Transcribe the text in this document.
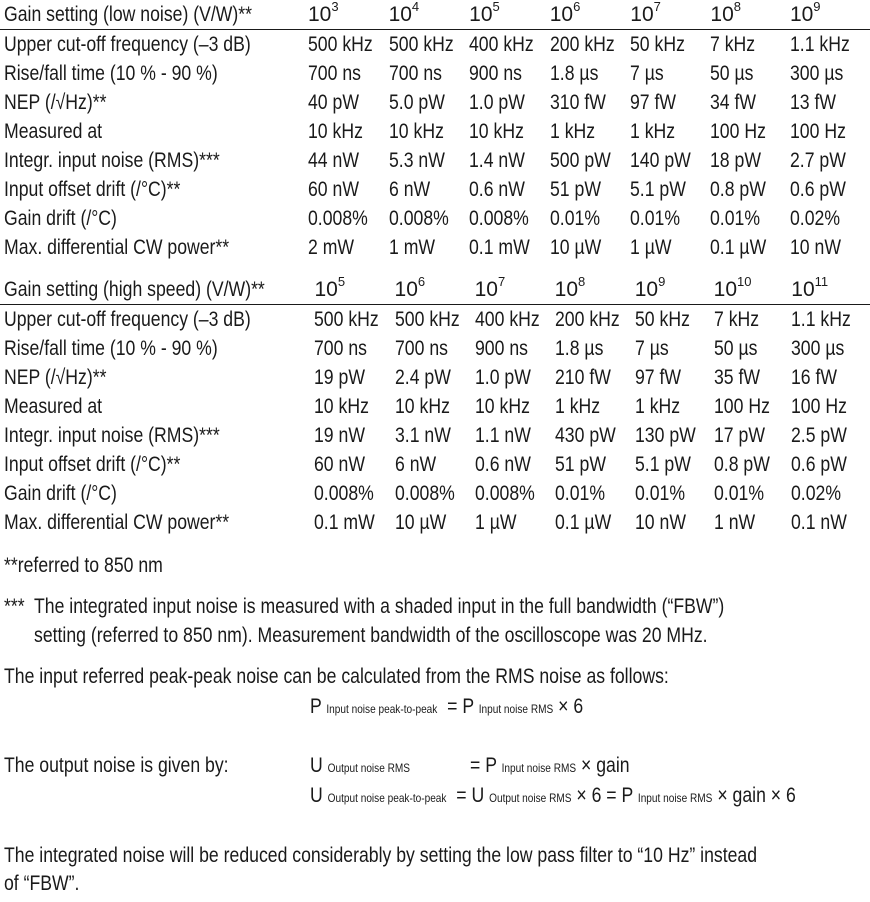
Gain setting (low noise) (V/W)**	$10^3$	$10^4$	$10^5$	$10^6$	$10^7$	$10^8$	$10^9$
Upper cut-off frequency (–3 dB)	500 kHz	500 kHz	400 kHz	200 kHz	50 kHz	7 kHz	1.1 kHz
Rise/fall time (10 % - 90 %)	700 ns	700 ns	900 ns	1.8 µs	7 µs	50 µs	300 µs
NEP (/√Hz)**	40 pW	5.0 pW	1.0 pW	310 fW	97 fW	34 fW	13 fW
Measured at	10 kHz	10 kHz	10 kHz	1 kHz	1 kHz	100 Hz	100 Hz
Integr. input noise (RMS)***	44 nW	5.3 nW	1.4 nW	500 pW	140 pW	18 pW	2.7 pW
Input offset drift (/°C)**	60 nW	6 nW	0.6 nW	51 pW	5.1 pW	0.8 pW	0.6 pW
Gain drift (/°C)	0.008%	0.008%	0.008%	0.01%	0.01%	0.01%	0.02%
Max. differential CW power**	2 mW	1 mW	0.1 mW	10 µW	1 µW	0.1 µW	10 nW
Gain setting (high speed) (V/W)**	$10^5$	$10^6$	$10^7$	$10^8$	$10^9$	$10^{10}$	$10^{11}$
Upper cut-off frequency (–3 dB)	500 kHz	500 kHz	400 kHz	200 kHz	50 kHz	7 kHz	1.1 kHz
Rise/fall time (10 % - 90 %)	700 ns	700 ns	900 ns	1.8 µs	7 µs	50 µs	300 µs
NEP (/√Hz)**	19 pW	2.4 pW	1.0 pW	210 fW	97 fW	35 fW	16 fW
Measured at	10 kHz	10 kHz	10 kHz	1 kHz	1 kHz	100 Hz	100 Hz
Integr. input noise (RMS)***	19 nW	3.1 nW	1.1 nW	430 pW	130 pW	17 pW	2.5 pW
Input offset drift (/°C)**	60 nW	6 nW	0.6 nW	51 pW	5.1 pW	0.8 pW	0.6 pW
Gain drift (/°C)	0.008%	0.008%	0.008%	0.01%	0.01%	0.01%	0.02%
Max. differential CW power**	0.1 mW	10 µW	1 µW	0.1 µW	10 nW	1 nW	0.1 nW
**referred to 850 nm
*** The integrated input noise is measured with a shaded input in the full bandwidth (“FBW”)
setting (referred to 850 nm). Measurement bandwidth of the oscilloscope was 20 MHz.
The input referred peak-peak noise can be calculated from the RMS noise as follows:
P Input noise peak-to-peak = P Input noise RMS × 6
The output noise is given by:	U Output noise RMS	= P Input noise RMS × gain
U Output noise peak-to-peak = U Output noise RMS × 6 = P Input noise RMS × gain × 6
The integrated noise will be reduced considerably by setting the low pass filter to “10 Hz” instead
of “FBW”.
